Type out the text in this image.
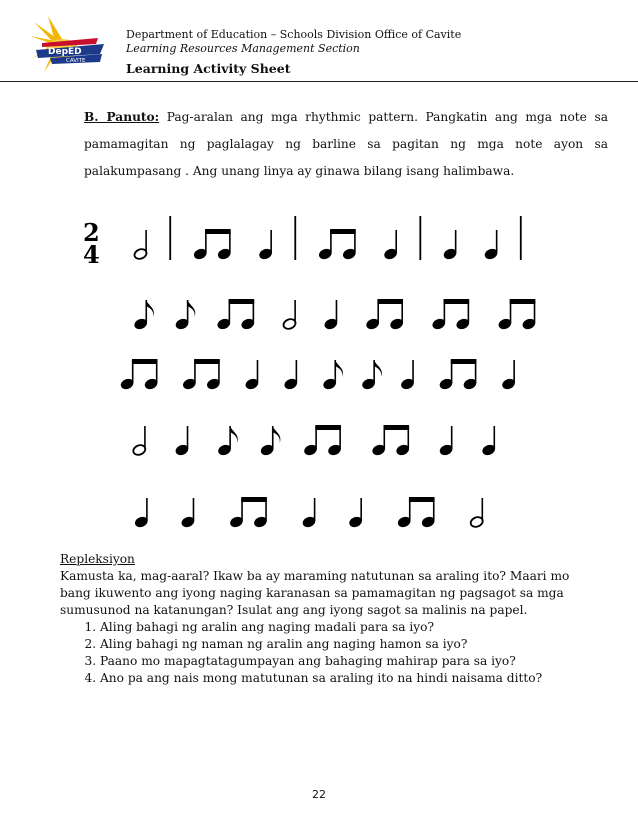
DepED
CAVITE
Department of Education – Schools Division Office of Cavite
Learning Resources Management Section
Learning Activity Sheet
B. Panuto: Pag-aralan ang mga rhythmic pattern. Pangkatin ang mga note sa pamamagitan ng paglalagay ng barline sa pagitan ng mga note ayon sa palakumpasang . Ang unang linya ay ginawa bilang isang halimbawa.
2
4
Repleksiyon
Kamusta ka, mag-aaral? Ikaw ba ay maraming natutunan sa araling ito? Maari mo bang ikuwento ang iyong naging karanasan sa pamamagitan ng pagsagot sa mga sumusunod na katanungan? Isulat ang ang iyong sagot sa malinis na papel.
1. Aling bahagi ng aralin ang naging madali para sa iyo?
2. Aling bahagi ng naman ng aralin ang naging hamon sa iyo?
3. Paano mo mapagtatagumpayan ang bahaging mahirap para sa iyo?
4. Ano pa ang nais mong matutunan sa araling ito na hindi naisama ditto?
22
